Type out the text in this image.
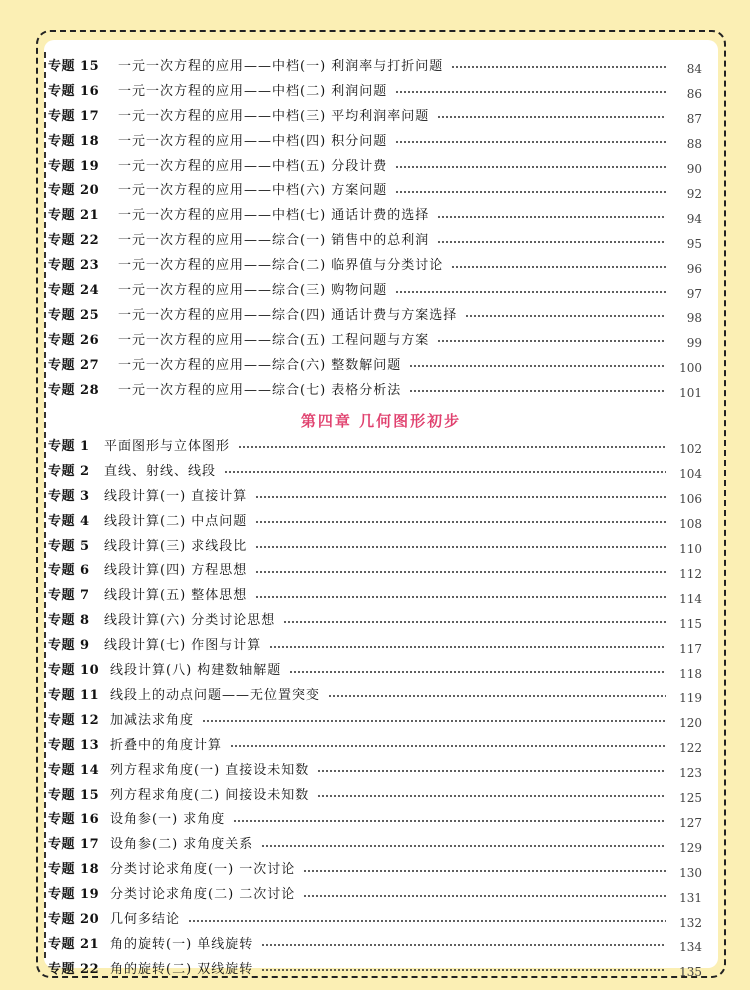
专题 15	一元一次方程的应用——中档(一) 利润率与打折问题	84
专题 16	一元一次方程的应用——中档(二) 利润问题	86
专题 17	一元一次方程的应用——中档(三) 平均利润率问题	87
专题 18	一元一次方程的应用——中档(四) 积分问题	88
专题 19	一元一次方程的应用——中档(五) 分段计费	90
专题 20	一元一次方程的应用——中档(六) 方案问题	92
专题 21	一元一次方程的应用——中档(七) 通话计费的选择	94
专题 22	一元一次方程的应用——综合(一) 销售中的总利润	95
专题 23	一元一次方程的应用——综合(二) 临界值与分类讨论	96
专题 24	一元一次方程的应用——综合(三) 购物问题	97
专题 25	一元一次方程的应用——综合(四) 通话计费与方案选择	98
专题 26	一元一次方程的应用——综合(五) 工程问题与方案	99
专题 27	一元一次方程的应用——综合(六) 整数解问题	100
专题 28	一元一次方程的应用——综合(七) 表格分析法	101
第四章 几何图形初步
专题 1	平面图形与立体图形	102
专题 2	直线、射线、线段	104
专题 3	线段计算(一) 直接计算	106
专题 4	线段计算(二) 中点问题	108
专题 5	线段计算(三) 求线段比	110
专题 6	线段计算(四) 方程思想	112
专题 7	线段计算(五) 整体思想	114
专题 8	线段计算(六) 分类讨论思想	115
专题 9	线段计算(七) 作图与计算	117
专题 10 线段计算(八) 构建数轴解题	118
专题 11 线段上的动点问题——无位置突变	119
专题 12 加减法求角度	120
专题 13 折叠中的角度计算	122
专题 14 列方程求角度(一) 直接设未知数	123
专题 15 列方程求角度(二) 间接设未知数	125
专题 16 设角参(一) 求角度	127
专题 17 设角参(二) 求角度关系	129
专题 18 分类讨论求角度(一) 一次讨论	130
专题 19 分类讨论求角度(二) 二次讨论	131
专题 20 几何多结论	132
专题 21 角的旋转(一) 单线旋转	134
专题 22 角的旋转(二) 双线旋转	135
